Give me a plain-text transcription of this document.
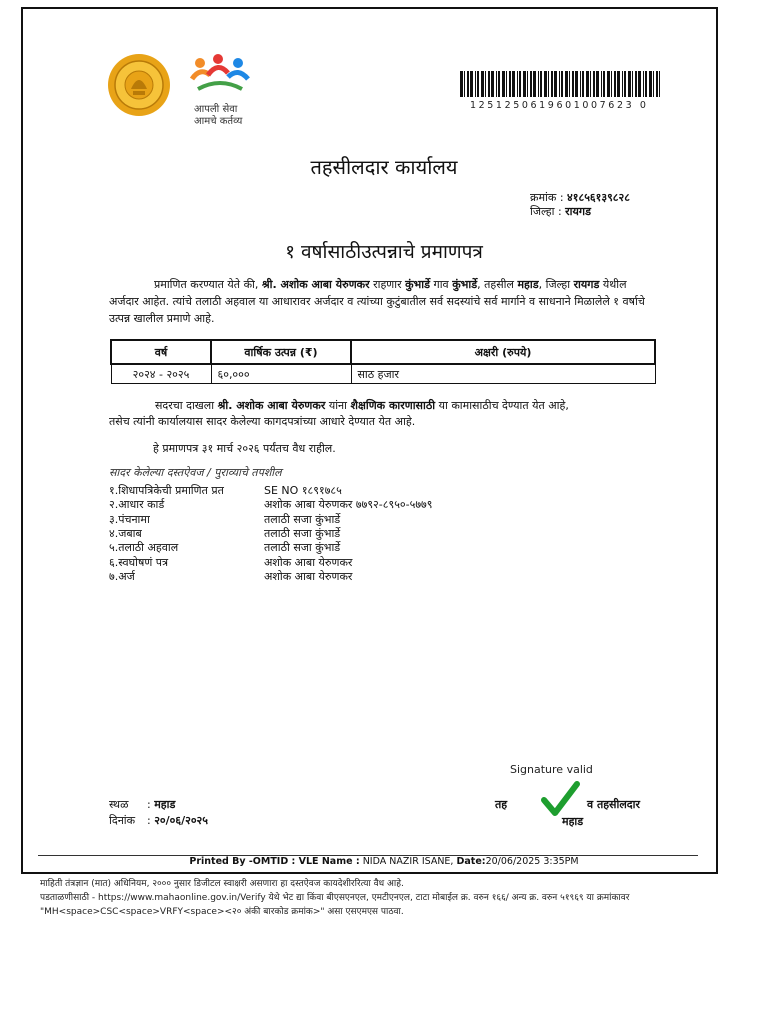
आपली सेवा
आमचे कर्तव्य
1251250619601007623 0
तहसीलदार कार्यालय
क्रमांक : ४१८५६१३९८२८
जिल्हा : रायगड
१ वर्षासाठीउत्पन्नाचे प्रमाणपत्र
प्रमाणित करण्यात येते की, श्री. अशोक आबा येरुणकर राहणार कुंभार्डे गाव कुंभार्डे, तहसील महाड, जिल्हा रायगड येथील अर्जदार आहेत. त्यांचे तलाठी अहवाल या आधारावर अर्जदार व त्यांच्या कुटुंबातील सर्व सदस्यांचे सर्व मार्गाने व साधनाने मिळालेले १ वर्षाचे उत्पन्न खालील प्रमाणे आहे.
वर्ष	वार्षिक उत्पन्न (₹)	अक्षरी (रुपये)
२०२४ - २०२५	६०,०००	साठ हजार
सदरचा दाखला श्री. अशोक आबा येरुणकर यांना शैक्षणिक कारणासाठी या कामासाठीच देण्यात येत आहे,
तसेच त्यांनी कार्यालयास सादर केलेल्या कागदपत्रांच्या आधारे देण्यात येत आहे.
हे प्रमाणपत्र ३१ मार्च २०२६ पर्यंतच वैध राहील.
सादर केलेल्या दस्तऐवज / पुराव्याचे तपशील
१.शिधापत्रिकेची प्रमाणित प्रत	SE NO १८९१७८५
२.आधार कार्ड	अशोक आबा येरुणकर ७७९२-८९५०-५७७९
३.पंचनामा	तलाठी सजा कुंभार्डे
४.जबाब	तलाठी सजा कुंभार्डे
५.तलाठी अहवाल	तलाठी सजा कुंभार्डे
६.स्वघोषणं पत्र	अशोक आबा येरुणकर
७.अर्ज	अशोक आबा येरुणकर
Signature valid
स्थळ : महाड
दिनांक : २०/०६/२०२५
तह	व तहसीलदार
महाड
Printed By -OMTID : VLE Name : NIDA NAZIR ISANE, Date:20/06/2025 3:35PM
माहिती तंत्रज्ञान (मात) अधिनियम, २००० नुसार डिजीटल स्वाक्षरी असणारा हा दस्तऐवज कायदेशीररित्या वैध आहे.
पडताळणीसाठी - https://www.mahaonline.gov.in/Verify येथे भेट द्या किंवा बीएसएनएल, एमटीएनएल, टाटा मोबाईल क्र. वरुन १६६/ अन्य क्र. वरुन ५१९६९ या क्रमांकावर
"MH<space>CSC<space>VRFY<space><२० अंकी बारकोड क्रमांक>" असा एसएमएस पाठवा.
